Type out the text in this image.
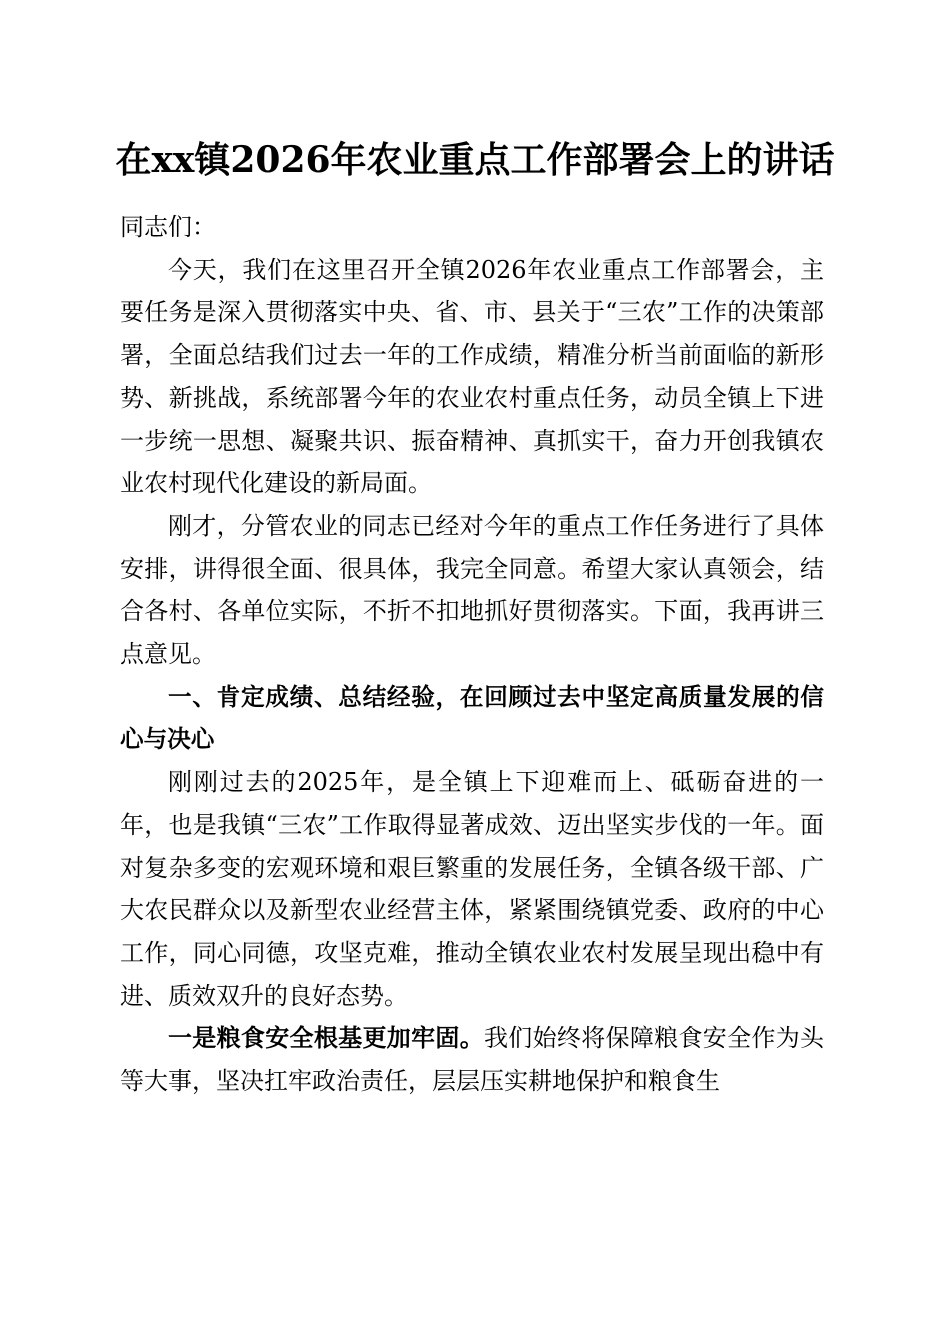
在xx镇2026年农业重点工作部署会上的讲话

同志们：

今天，我们在这里召开全镇2026年农业重点工作部署会，主要任务是深入贯彻落实中央、省、市、县关于“三农”工作的决策部署，全面总结我们过去一年的工作成绩，精准分析当前面临的新形势、新挑战，系统部署今年的农业农村重点任务，动员全镇上下进一步统一思想、凝聚共识、振奋精神、真抓实干，奋力开创我镇农业农村现代化建设的新局面。

刚才，分管农业的同志已经对今年的重点工作任务进行了具体安排，讲得很全面、很具体，我完全同意。希望大家认真领会，结合各村、各单位实际，不折不扣地抓好贯彻落实。下面，我再讲三点意见。

一、肯定成绩、总结经验，在回顾过去中坚定高质量发展的信心与决心

刚刚过去的2025年，是全镇上下迎难而上、砥砺奋进的一年，也是我镇“三农”工作取得显著成效、迈出坚实步伐的一年。面对复杂多变的宏观环境和艰巨繁重的发展任务，全镇各级干部、广大农民群众以及新型农业经营主体，紧紧围绕镇党委、政府的中心工作，同心同德，攻坚克难，推动全镇农业农村发展呈现出稳中有进、质效双升的良好态势。

一是粮食安全根基更加牢固。我们始终将保障粮食安全作为头等大事，坚决扛牢政治责任，层层压实耕地保护和粮食生
